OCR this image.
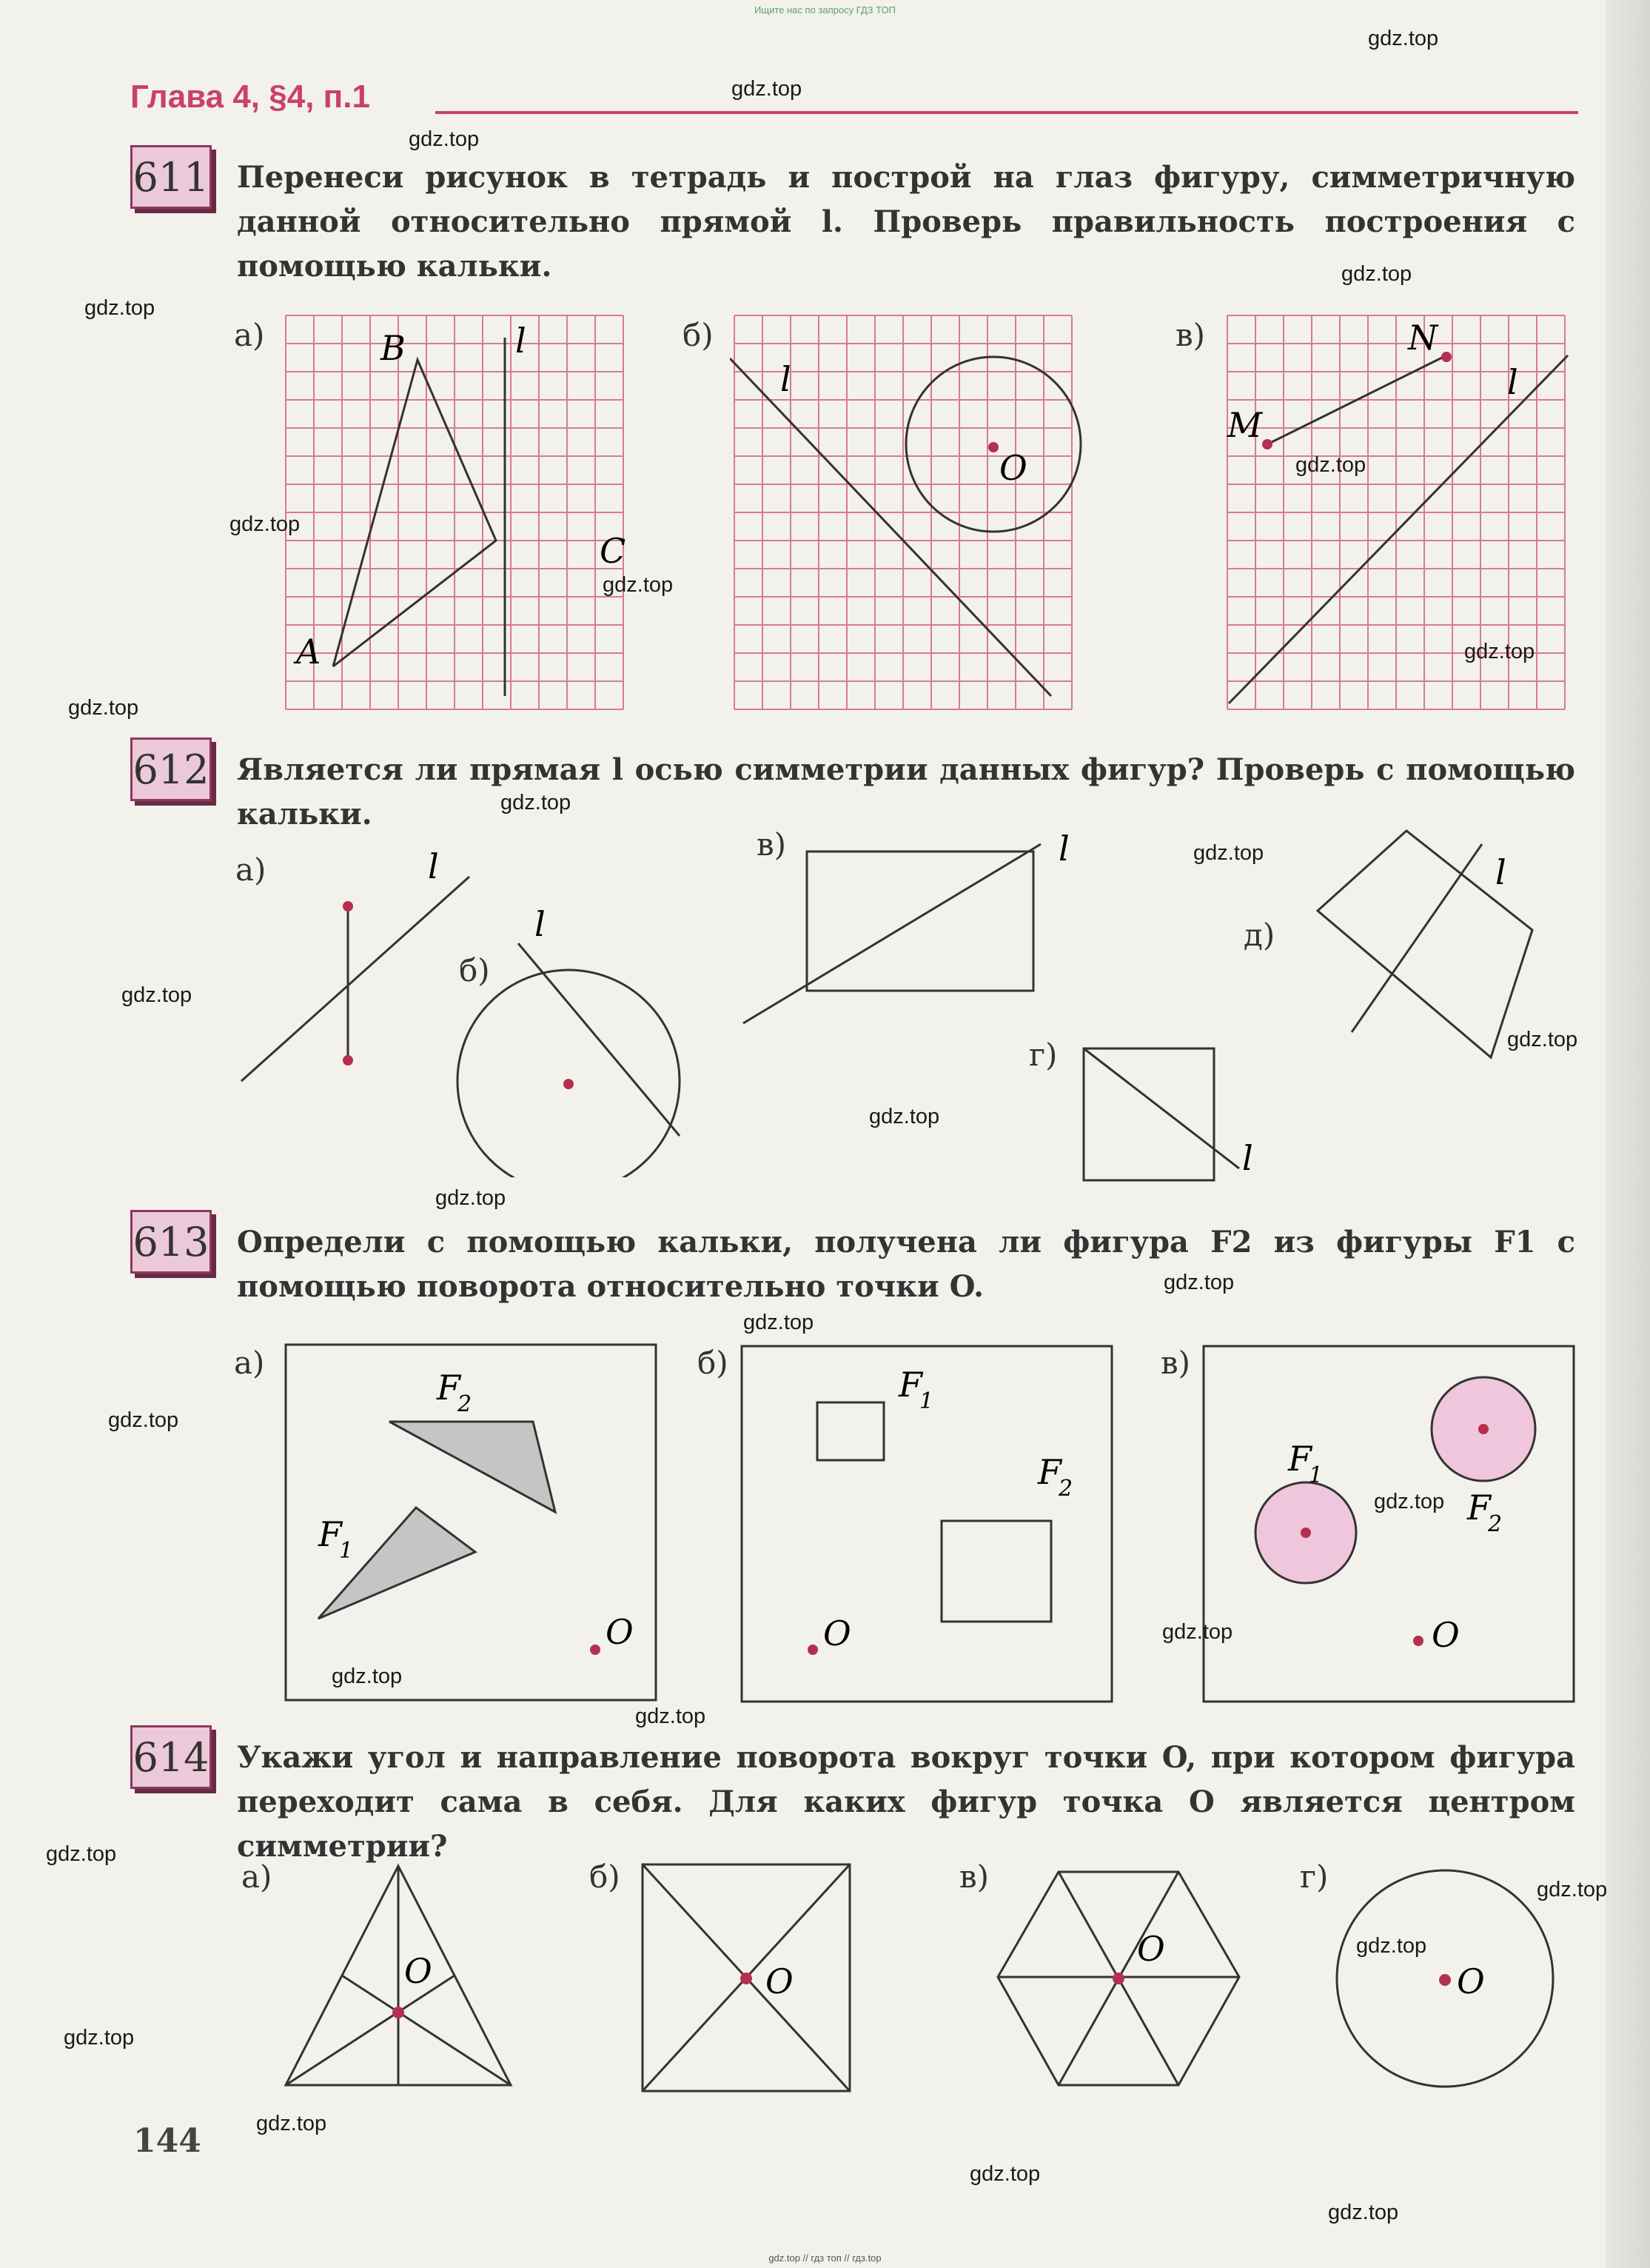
Ищите нас по запросу ГДЗ ТОП
gdz.top // гдз топ // гдз.top
Глава 4, §4, п.1
611 Перенеси рисунок в тетрадь и построй на глаз фигуру, симметричную данной относительно прямой l. Проверь правильность построения с помощью кальки.
а)	B	l
C
A
б)
l
O
в)	N
l
M
612 Является ли прямая l осью симметрии данных фигур? Проверь с помощью кальки.
а)	l
б)
l
в)	l
г)
l
д)
l
613 Определи с помощью кальки, получена ли фигура F2 из фигуры F1 с помощью поворота относительно точки O.
а)
F
2
F
1
O
б)
F
1
F
2
O
в)
F
1
F
2
O
614 Укажи угол и направление поворота вокруг точки O, при котором фигура переходит сама в себя. Для каких фигур точка O является центром симметрии?
а)
O
б)
O
в)
O
г)
O
144
gdz.top
gdz.top
gdz.top
gdz.top
gdz.top
gdz.top
gdz.top
gdz.top
gdz.top
gdz.top
gdz.top
gdz.top
gdz.top
gdz.top
gdz.top
gdz.top
gdz.top
gdz.top
gdz.top
gdz.top
gdz.top
gdz.top
gdz.top
gdz.top
gdz.top
gdz.top
gdz.top
gdz.top
gdz.top
gdz.top
